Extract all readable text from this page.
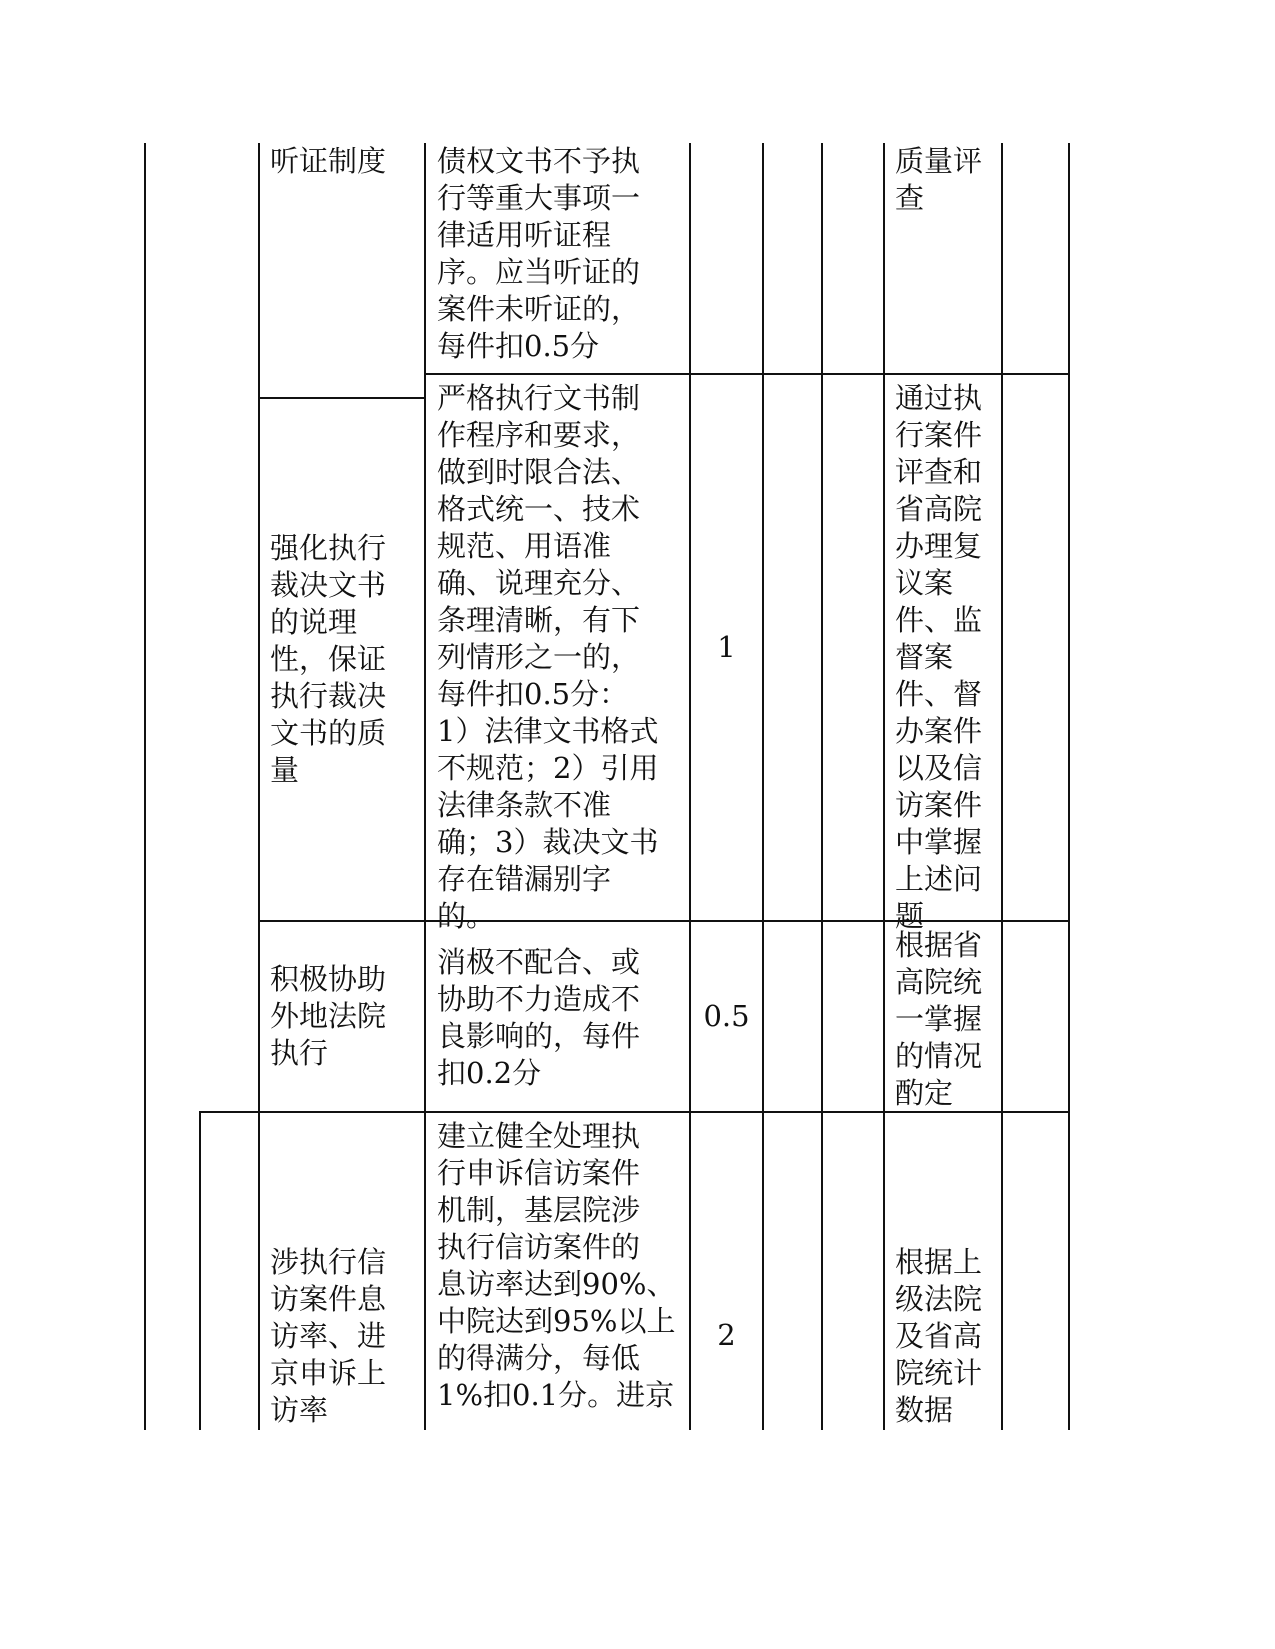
听证制度	债权文书不予执
行等重大事项一
律适用听证程
序。应当听证的
案件未听证的，
每件扣0.5分
质量评
查
强化执行
裁决文书
的说理
性，保证
执行裁决
文书的质
量
严格执行文书制
作程序和要求，
做到时限合法、
格式统一、技术
规范、用语准
确、说理充分、
条理清晰，有下
列情形之一的，
每件扣0.5分：
1）法律文书格式
不规范；2）引用
法律条款不准
确；3）裁决文书
存在错漏别字
的。
1
通过执
行案件
评查和
省高院
办理复
议案
件、监
督案
件、督
办案件
以及信
访案件
中掌握
上述问
题
积极协助
外地法院
执行
消极不配合、或
协助不力造成不
良影响的，每件
扣0.2分
0.5
根据省
高院统
一掌握
的情况
酌定
涉执行信
访案件息
访率、进
京申诉上
访率
建立健全处理执
行申诉信访案件
机制，基层院涉
执行信访案件的
息访率达到90%、
中院达到95%以上
的得满分，每低
1%扣0.1分。进京
2
根据上
级法院
及省高
院统计
数据
